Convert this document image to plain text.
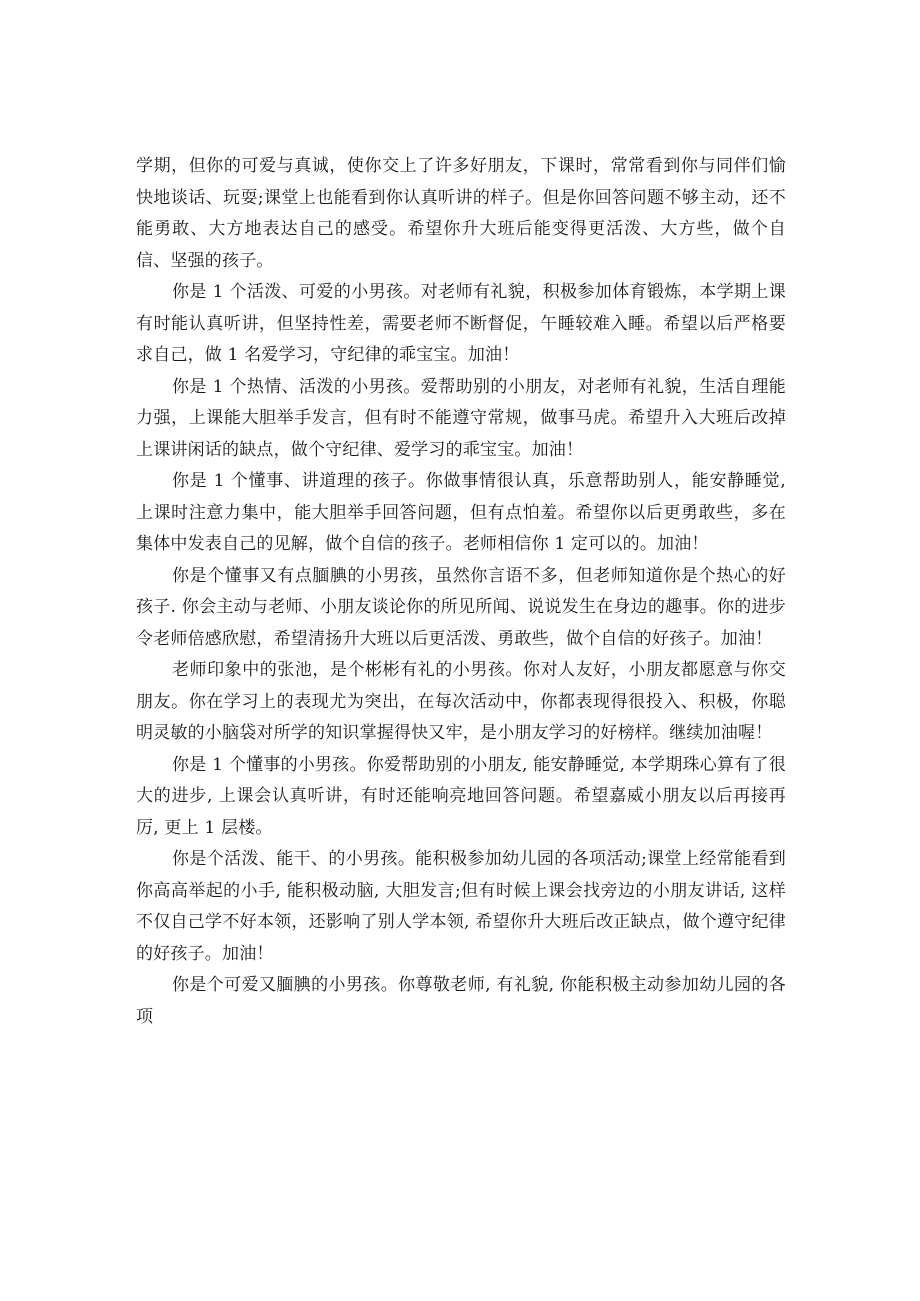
学期，但你的可爱与真诚，使你交上了许多好朋友，下课时，常常看到你与同伴们愉快地谈话、玩耍;课堂上也能看到你认真听讲的样子。但是你回答问题不够主动，还不能勇敢、大方地表达自己的感受。希望你升大班后能变得更活泼、大方些，做个自信、坚强的孩子。

你是 1 个活泼、可爱的小男孩。对老师有礼貌，积极参加体育锻炼，本学期上课有时能认真听讲，但坚持性差，需要老师不断督促，午睡较难入睡。希望以后严格要求自己，做 1 名爱学习，守纪律的乖宝宝。加油！

你是 1 个热情、活泼的小男孩。爱帮助别的小朋友，对老师有礼貌，生活自理能力强，上课能大胆举手发言，但有时不能遵守常规，做事马虎。希望升入大班后改掉上课讲闲话的缺点，做个守纪律、爱学习的乖宝宝。加油！

你是 1 个懂事、讲道理的孩子。你做事情很认真，乐意帮助别人，能安静睡觉, 上课时注意力集中，能大胆举手回答问题，但有点怕羞。希望你以后更勇敢些，多在集体中发表自己的见解，做个自信的孩子。老师相信你 1 定可以的。加油！

你是个懂事又有点腼腆的小男孩，虽然你言语不多，但老师知道你是个热心的好孩子. 你会主动与老师、小朋友谈论你的所见所闻、说说发生在身边的趣事。你的进步令老师倍感欣慰，希望清扬升大班以后更活泼、勇敢些，做个自信的好孩子。加油！

老师印象中的张池，是个彬彬有礼的小男孩。你对人友好，小朋友都愿意与你交朋友。你在学习上的表现尤为突出，在每次活动中，你都表现得很投入、积极，你聪明灵敏的小脑袋对所学的知识掌握得快又牢，是小朋友学习的好榜样。继续加油喔！

你是 1 个懂事的小男孩。你爱帮助别的小朋友, 能安静睡觉, 本学期珠心算有了很大的进步, 上课会认真听讲，有时还能响亮地回答问题。希望嘉威小朋友以后再接再厉, 更上 1 层楼。

你是个活泼、能干、的小男孩。能积极参加幼儿园的各项活动;课堂上经常能看到你高高举起的小手, 能积极动脑, 大胆发言;但有时候上课会找旁边的小朋友讲话, 这样不仅自己学不好本领，还影响了别人学本领, 希望你升大班后改正缺点，做个遵守纪律的好孩子。加油！

你是个可爱又腼腆的小男孩。你尊敬老师, 有礼貌, 你能积极主动参加幼儿园的各项
